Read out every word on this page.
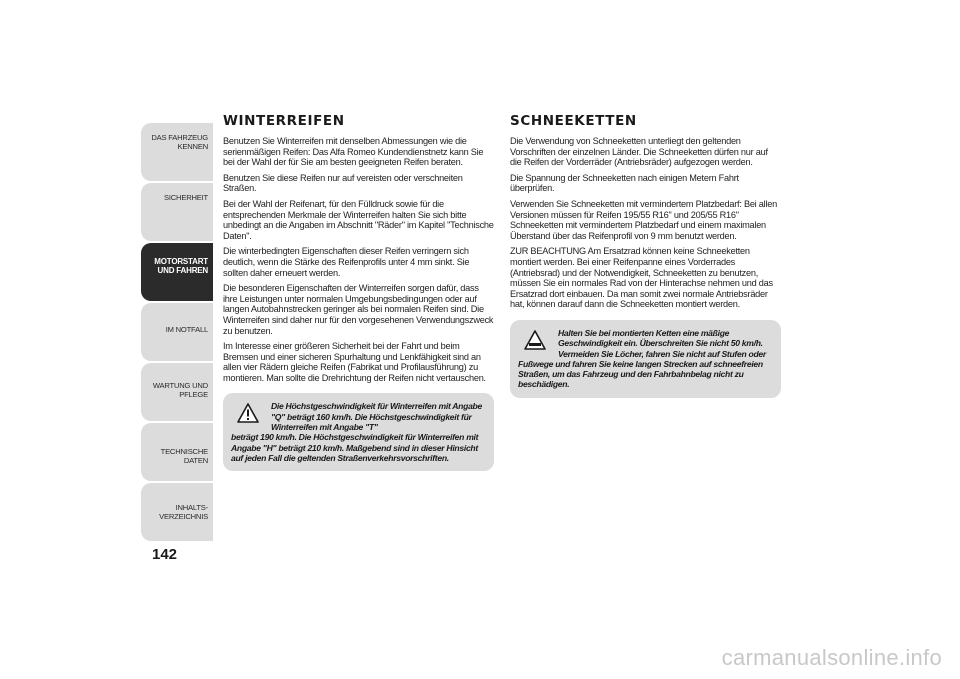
DAS FAHRZEUG
KENNEN
SICHERHEIT
MOTORSTART
UND FAHREN
IM NOTFALL
WARTUNG UND
PFLEGE
TECHNISCHE DATEN
INHALTS-
VERZEICHNIS
142
WINTERREIFEN

Benutzen Sie Winterreifen mit denselben Abmessungen wie die serienmäßigen Reifen: Das Alfa Romeo Kundendienstnetz kann Sie bei der Wahl der für Sie am besten geeigneten Reifen beraten.

Benutzen Sie diese Reifen nur auf vereisten oder verschneiten Straßen.

Bei der Wahl der Reifenart, für den Fülldruck sowie für die entsprechenden Merkmale der Winterreifen halten Sie sich bitte unbedingt an die Angaben im Abschnitt "Räder" im Kapitel "Technische Daten".

Die winterbedingten Eigenschaften dieser Reifen verringern sich deutlich, wenn die Stärke des Reifenprofils unter 4 mm sinkt. Sie sollten daher erneuert werden.

Die besonderen Eigenschaften der Winterreifen sorgen dafür, dass ihre Leistungen unter normalen Umgebungsbedingungen oder auf langen Autobahnstrecken geringer als bei normalen Reifen sind. Die Winterreifen sind daher nur für den vorgesehenen Verwendungszweck zu benutzen.

Im Interesse einer größeren Sicherheit bei der Fahrt und beim Bremsen und einer sicheren Spurhaltung und Lenkfähigkeit sind an allen vier Rädern gleiche Reifen (Fabrikat und Profilausführung) zu montieren. Man sollte die Drehrichtung der Reifen nicht vertauschen.

Die Höchstgeschwindigkeit für Winterreifen mit Angabe "Q" beträgt 160 km/h. Die Höchstgeschwindigkeit für Winterreifen mit Angabe "T"
beträgt 190 km/h. Die Höchstgeschwindigkeit für Winterreifen mit Angabe "H" beträgt 210 km/h. Maßgebend sind in dieser Hinsicht auf jeden Fall die geltenden Straßenverkehrsvorschriften.
SCHNEEKETTEN

Die Verwendung von Schneeketten unterliegt den geltenden Vorschriften der einzelnen Länder. Die Schneeketten dürfen nur auf die Reifen der Vorderräder (Antriebsräder) aufgezogen werden.

Die Spannung der Schneeketten nach einigen Metern Fahrt überprüfen.

Verwenden Sie Schneeketten mit vermindertem Platzbedarf: Bei allen Versionen müssen für Reifen 195/55 R16" und 205/55 R16" Schneeketten mit vermindertem Platzbedarf und einem maximalen Überstand über das Reifenprofil von 9 mm benutzt werden.

ZUR BEACHTUNG Am Ersatzrad können keine Schneeketten montiert werden. Bei einer Reifenpanne eines Vorderrades (Antriebsrad) und der Notwendigkeit, Schneeketten zu benutzen, müssen Sie ein normales Rad von der Hinterachse nehmen und das Ersatzrad dort einbauen. Da man somit zwei normale Antriebsräder hat, können darauf dann die Schneeketten montiert werden.

Halten Sie bei montierten Ketten eine mäßige Geschwindigkeit ein. Überschreiten Sie nicht 50 km/h. Vermeiden Sie Löcher, fahren Sie nicht auf Stufen oder
Fußwege und fahren Sie keine langen Strecken auf schneefreien Straßen, um das Fahrzeug und den Fahrbahnbelag nicht zu beschädigen.
carmanualsonline.info
